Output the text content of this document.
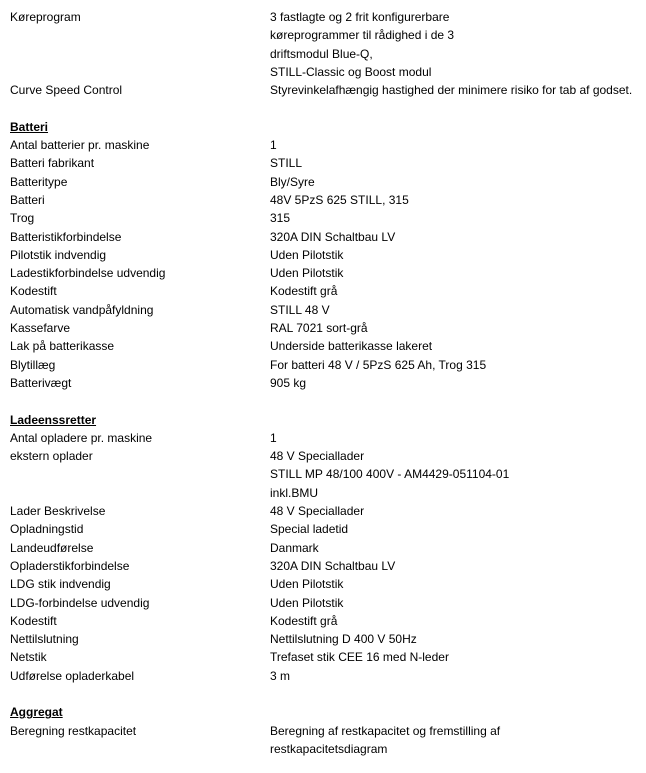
Køreprogram	3 fastlagte og 2 frit konfigurerbare
køreprogrammer til rådighed i de 3
driftsmodul Blue-Q,
STILL-Classic og Boost modul
Curve Speed Control	Styrevinkelafhængig hastighed der minimere risiko for tab af godset.
Batteri
Antal batterier pr. maskine	1
Batteri fabrikant	STILL
Batteritype	Bly/Syre
Batteri	48V 5PzS 625 STILL, 315
Trog	315
Batteristikforbindelse	320A DIN Schaltbau LV
Pilotstik indvendig	Uden Pilotstik
Ladestikforbindelse udvendig	Uden Pilotstik
Kodestift	Kodestift grå
Automatisk vandpåfyldning	STILL 48 V
Kassefarve	RAL 7021 sort-grå
Lak på batterikasse	Underside batterikasse lakeret
Blytillæg	For batteri 48 V / 5PzS 625 Ah, Trog 315
Batterivægt	905 kg
Ladeenssretter
Antal opladere pr. maskine	1
ekstern oplader	48 V Speciallader
STILL MP 48/100 400V - AM4429-051104-01
inkl.BMU
Lader Beskrivelse	48 V Speciallader
Opladningstid	Special ladetid
Landeudførelse	Danmark
Opladerstikforbindelse	320A DIN Schaltbau LV
LDG stik indvendig	Uden Pilotstik
LDG-forbindelse udvendig	Uden Pilotstik
Kodestift	Kodestift grå
Nettilslutning	Nettilslutning D 400 V 50Hz
Netstik	Trefaset stik CEE 16 med N-leder
Udførelse opladerkabel	3 m
Aggregat
Beregning restkapacitet	Beregning af restkapacitet og fremstilling af
restkapacitetsdiagram
